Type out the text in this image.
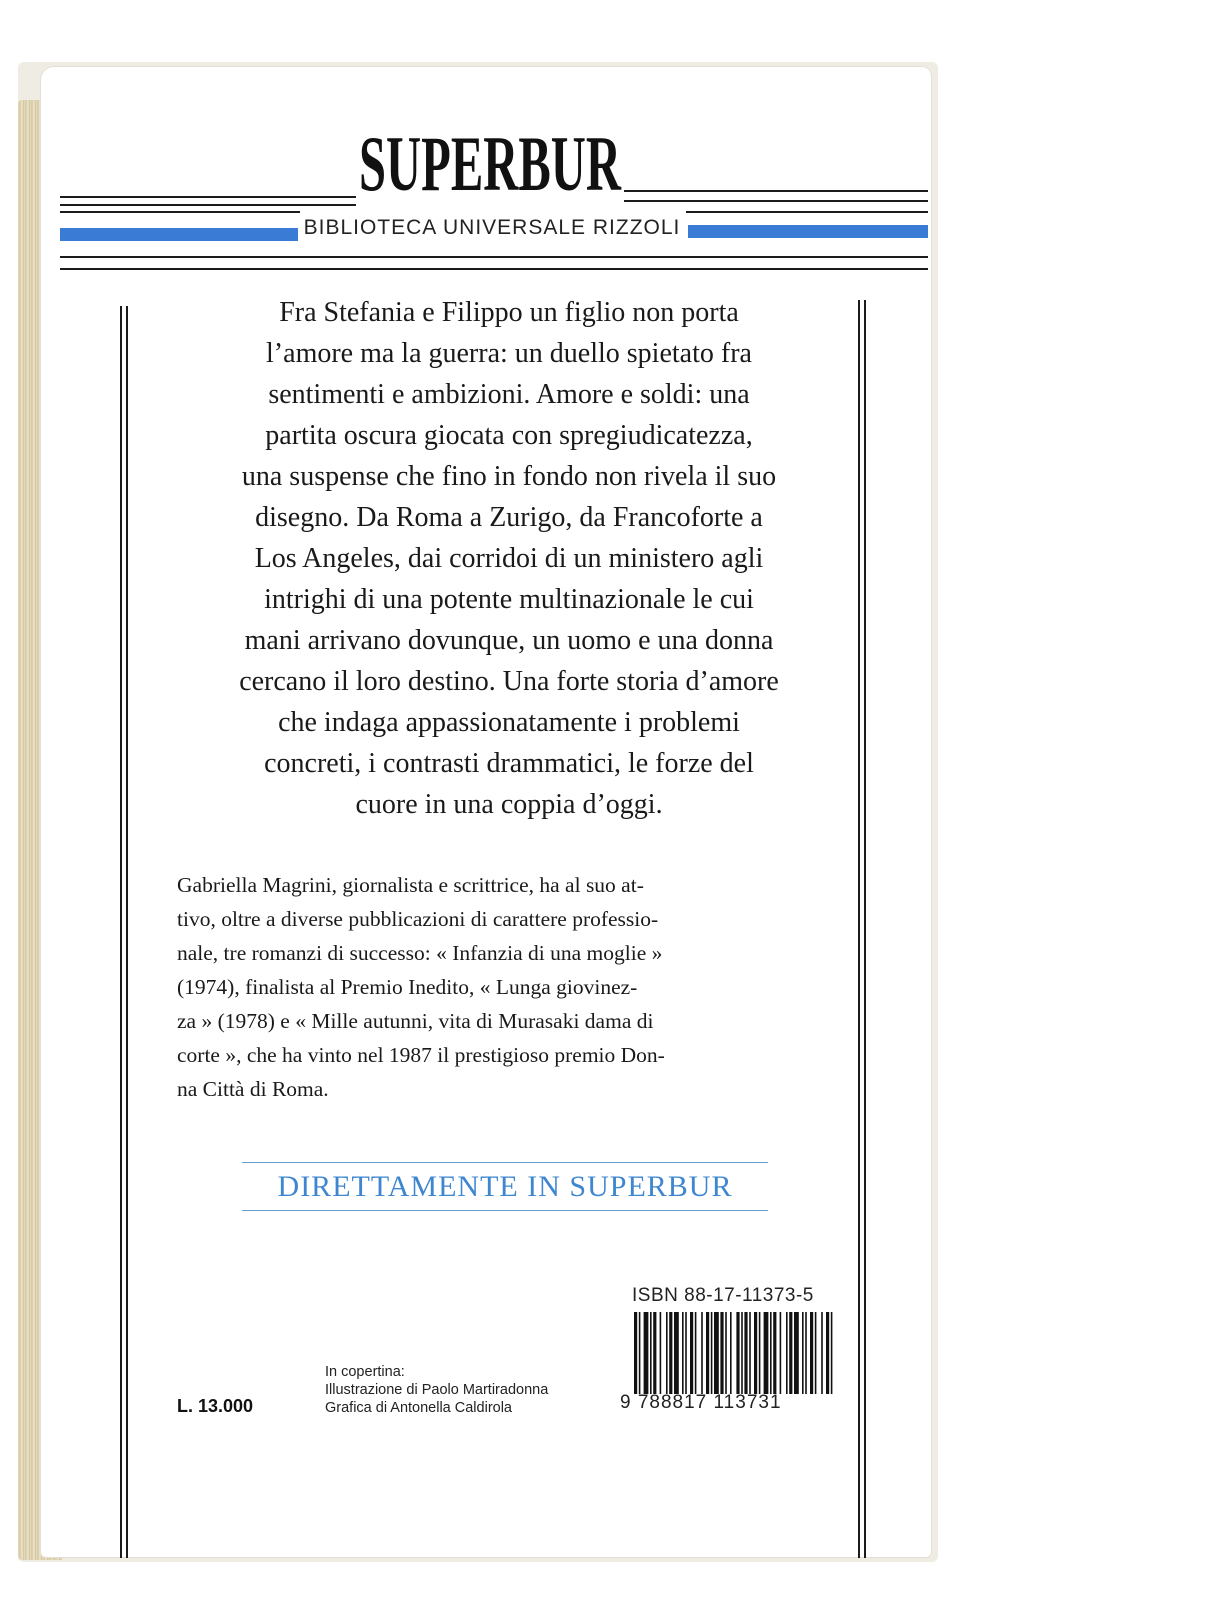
SUPERBUR
BIBLIOTECA UNIVERSALE RIZZOLI

Fra Stefania e Filippo un figlio non porta
l’amore ma la guerra: un duello spietato fra
sentimenti e ambizioni. Amore e soldi: una
partita oscura giocata con spregiudicatezza,
una suspense che fino in fondo non rivela il suo
disegno. Da Roma a Zurigo, da Francoforte a
Los Angeles, dai corridoi di un ministero agli
intrighi di una potente multinazionale le cui
mani arrivano dovunque, un uomo e una donna
cercano il loro destino. Una forte storia d’amore
che indaga appassionatamente i problemi
concreti, i contrasti drammatici, le forze del
cuore in una coppia d’oggi.

Gabriella Magrini, giornalista e scrittrice, ha al suo at-
tivo, oltre a diverse pubblicazioni di carattere professio-
nale, tre romanzi di successo: « Infanzia di una moglie »
(1974), finalista al Premio Inedito, « Lunga giovinez-
za » (1978) e « Mille autunni, vita di Murasaki dama di
corte », che ha vinto nel 1987 il prestigioso premio Don-
na Città di Roma.

DIRETTAMENTE IN SUPERBUR
ISBN 88-17-11373-5
9 788817 113731
In copertina:
Illustrazione di Paolo Martiradonna
Grafica di Antonella Caldirola
L. 13.000
